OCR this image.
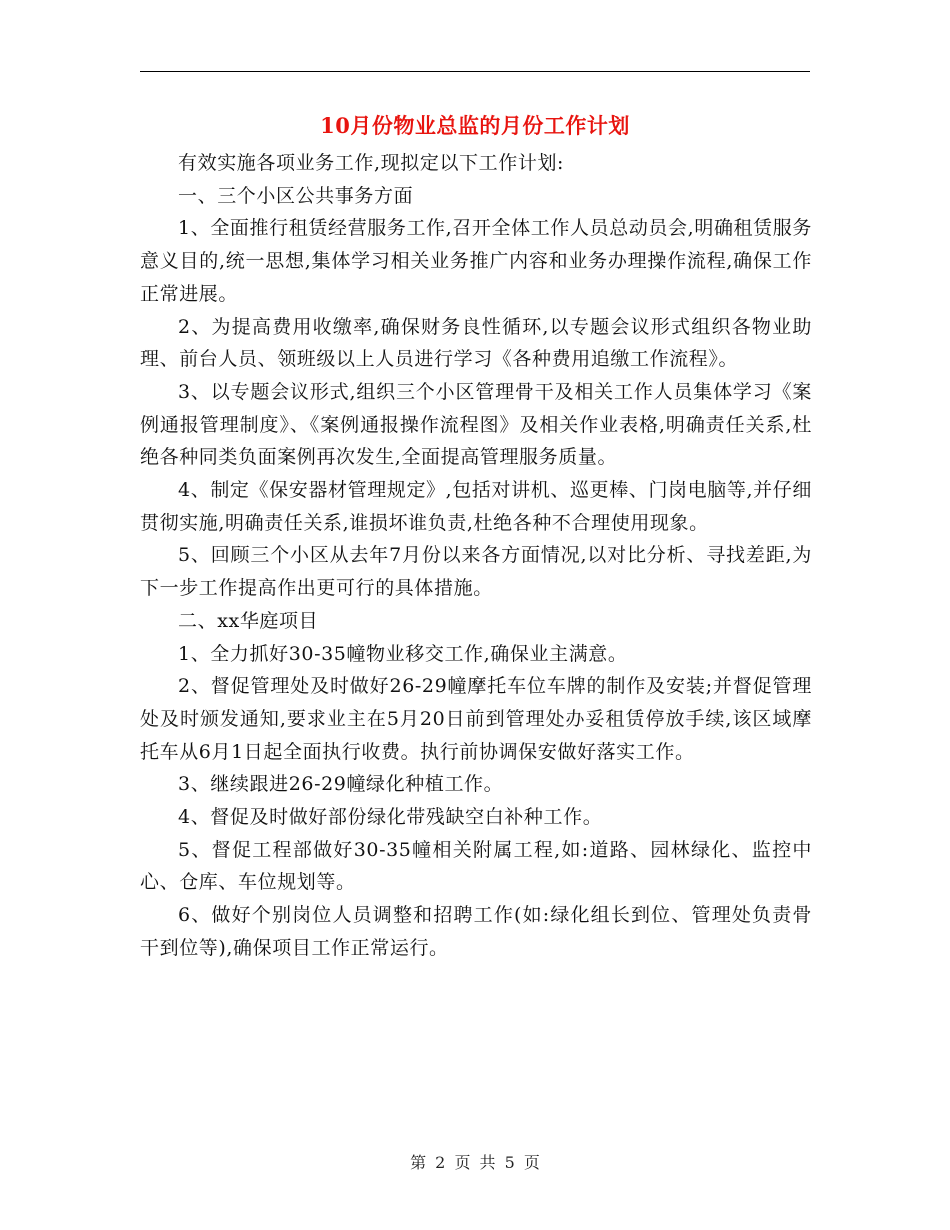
10月份物业总监的月份工作计划

有效实施各项业务工作,现拟定以下工作计划:

一、三个小区公共事务方面

1、全面推行租赁经营服务工作,召开全体工作人员总动员会,明确租赁服务意义目的,统一思想,集体学习相关业务推广内容和业务办理操作流程,确保工作正常进展。

2、为提高费用收缴率,确保财务良性循环,以专题会议形式组织各物业助理、前台人员、领班级以上人员进行学习《各种费用追缴工作流程》。

3、以专题会议形式,组织三个小区管理骨干及相关工作人员集体学习《案例通报管理制度》、《案例通报操作流程图》及相关作业表格,明确责任关系,杜绝各种同类负面案例再次发生,全面提高管理服务质量。

4、制定《保安器材管理规定》,包括对讲机、巡更棒、门岗电脑等,并仔细贯彻实施,明确责任关系,谁损坏谁负责,杜绝各种不合理使用现象。

5、回顾三个小区从去年7月份以来各方面情况,以对比分析、寻找差距,为下一步工作提高作出更可行的具体措施。

二、xx华庭项目

1、全力抓好30-35幢物业移交工作,确保业主满意。

2、督促管理处及时做好26-29幢摩托车位车牌的制作及安装;并督促管理处及时颁发通知,要求业主在5月20日前到管理处办妥租赁停放手续,该区域摩托车从6月1日起全面执行收费。执行前协调保安做好落实工作。

3、继续跟进26-29幢绿化种植工作。

4、督促及时做好部份绿化带残缺空白补种工作。

5、督促工程部做好30-35幢相关附属工程,如:道路、园林绿化、监控中心、仓库、车位规划等。

6、做好个别岗位人员调整和招聘工作(如:绿化组长到位、管理处负责骨干到位等),确保项目工作正常运行。

第 2 页 共 5 页
